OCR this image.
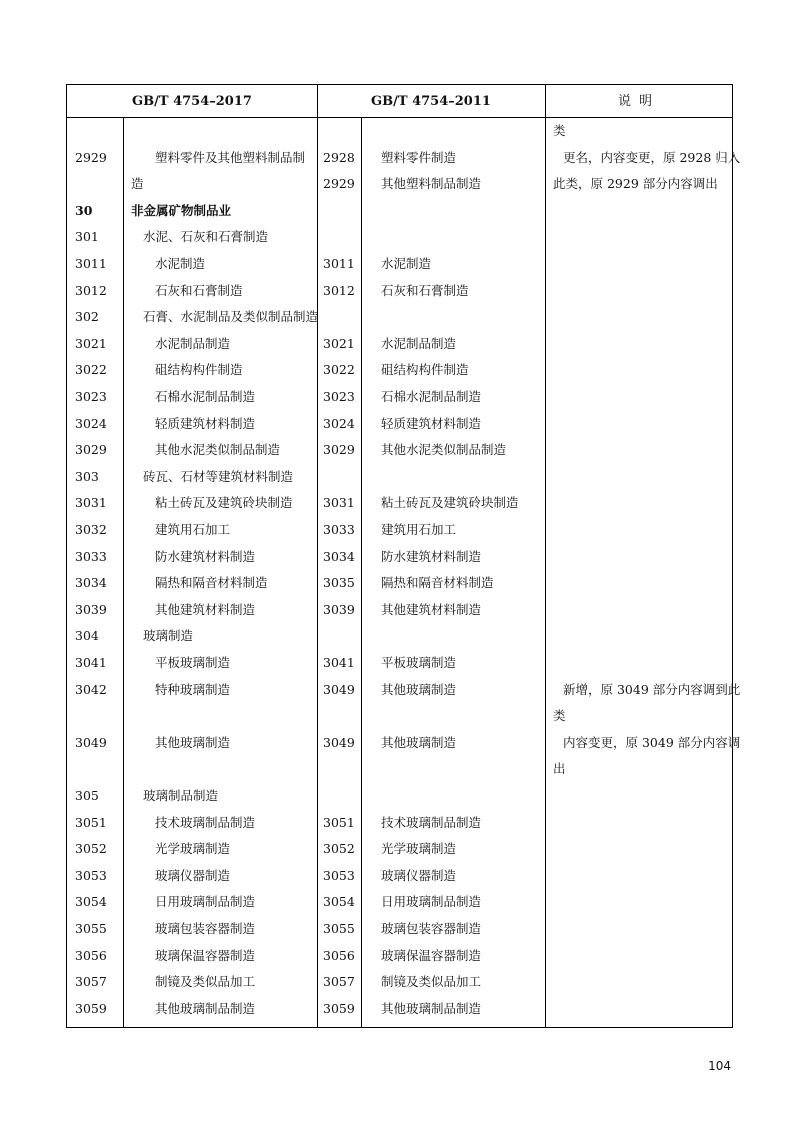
GB/T 4754–2017	GB/T 4754–2011	说明
类
2929	塑料零件及其他塑料制品制 2928 塑料零件制造	更名，内容变更，原 2928 归入
造	2929 其他塑料制品制造	此类，原 2929 部分内容调出
30	非金属矿物制品业
301	水泥、石灰和石膏制造
3011	水泥制造	3011 水泥制造
3012	石灰和石膏制造	3012 石灰和石膏制造
302	石膏、水泥制品及类似制品制造
3021	水泥制品制造	3021 水泥制品制造
3022	砠结构构件制造	3022 砠结构构件制造
3023	石棉水泥制品制造	3023 石棉水泥制品制造
3024	轻质建筑材料制造	3024 轻质建筑材料制造
3029	其他水泥类似制品制造	3029 其他水泥类似制品制造
303	砖瓦、石材等建筑材料制造
3031	粘土砖瓦及建筑砱块制造 3031 粘土砖瓦及建筑砱块制造
3032	建筑用石加工	3033 建筑用石加工
3033	防水建筑材料制造	3034 防水建筑材料制造
3034	隔热和隔音材料制造	3035 隔热和隔音材料制造
3039	其他建筑材料制造	3039 其他建筑材料制造
304	玻璃制造
3041	平板玻璃制造	3041 平板玻璃制造
3042	特种玻璃制造	3049 其他玻璃制造	新增，原 3049 部分内容调到此
类
3049	其他玻璃制造	3049 其他玻璃制造	内容变更，原 3049 部分内容调
出
305	玻璃制品制造
3051	技术玻璃制品制造	3051 技术玻璃制品制造
3052	光学玻璃制造	3052 光学玻璃制造
3053	玻璃仪器制造	3053 玻璃仪器制造
3054	日用玻璃制品制造	3054 日用玻璃制品制造
3055	玻璃包装容器制造	3055 玻璃包装容器制造
3056	玻璃保温容器制造	3056 玻璃保温容器制造
3057	制镜及类似品加工	3057 制镜及类似品加工
3059	其他玻璃制品制造	3059 其他玻璃制品制造
104
